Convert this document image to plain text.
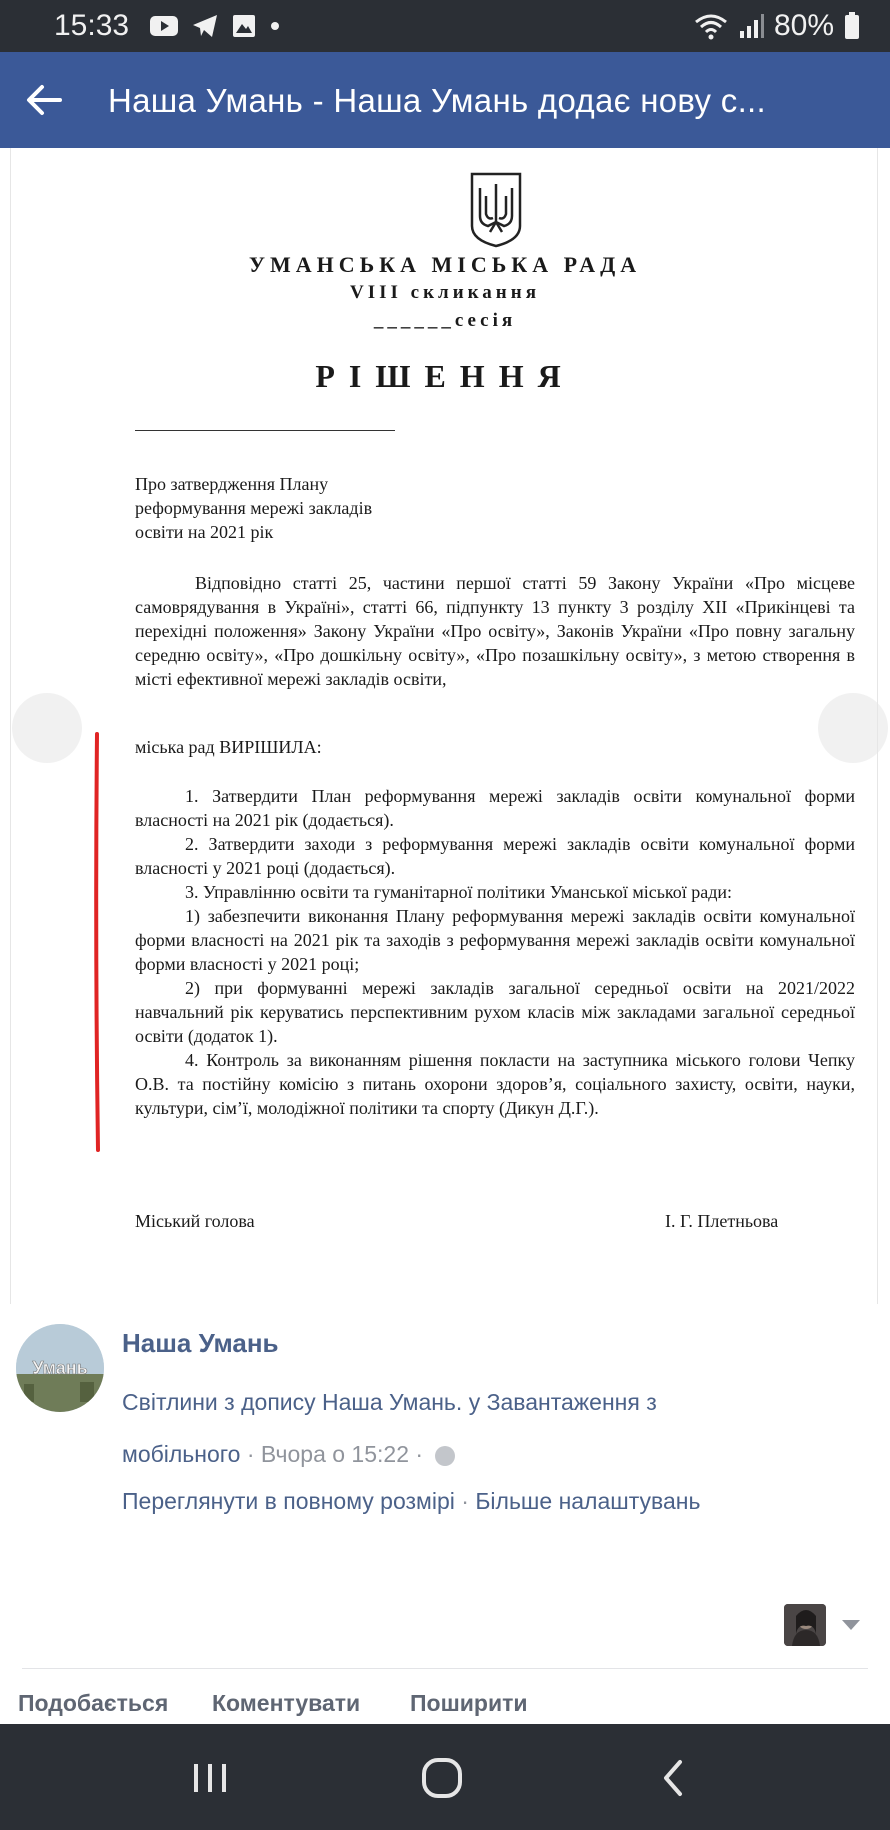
15:33	80%
Наша Умань - Наша Умань додає нову с...
УМАНСЬКА МІСЬКА РАДА
VIII скликання
______сесія
РІШЕННЯ
Про затвердження Плану
реформування мережі закладів
освіти на 2021 рік
Відповідно статті 25, частини першої статті 59 Закону України «Про місцеве самоврядування в Україні», статті 66, підпункту 13 пункту 3 розділу XII «Прикінцеві та перехідні положення» Закону України «Про освіту», Законів України «Про повну загальну середню освіту», «Про дошкільну освіту», «Про позашкільну освіту», з метою створення в місті ефективної мережі закладів освіти,
міська рад ВИРІШИЛА:

1. Затвердити План реформування мережі закладів освіти комунальної форми власності на 2021 рік (додається).

2. Затвердити заходи з реформування мережі закладів освіти комунальної форми власності у 2021 році (додається).

3. Управлінню освіти та гуманітарної політики Уманської міської ради:

1) забезпечити виконання Плану реформування мережі закладів освіти комунальної форми власності на 2021 рік та заходів з реформування мережі закладів освіти комунальної форми власності у 2021 році;

2) при формуванні мережі закладів загальної середньої освіти на 2021/2022 навчальний рік керуватись перспективним рухом класів між закладами загальної середньої освіти (додаток 1).

4. Контроль за виконанням рішення покласти на заступника міського голови Чепку О.В. та постійну комісію з питань охорони здоров’я, соціального захисту, освіти, науки, культури, сім’ї, молодіжної політики та спорту (Дикун Д.Г.).

Міський голова	І. Г. Плетньова
Умань
Наша Умань
Світлини з допису Наша Умань. у Завантаження з мобільного · Вчора о 15:22 ·
Переглянути в повному розмірі · Більше налаштувань
Подобається Коментувати Поширити
